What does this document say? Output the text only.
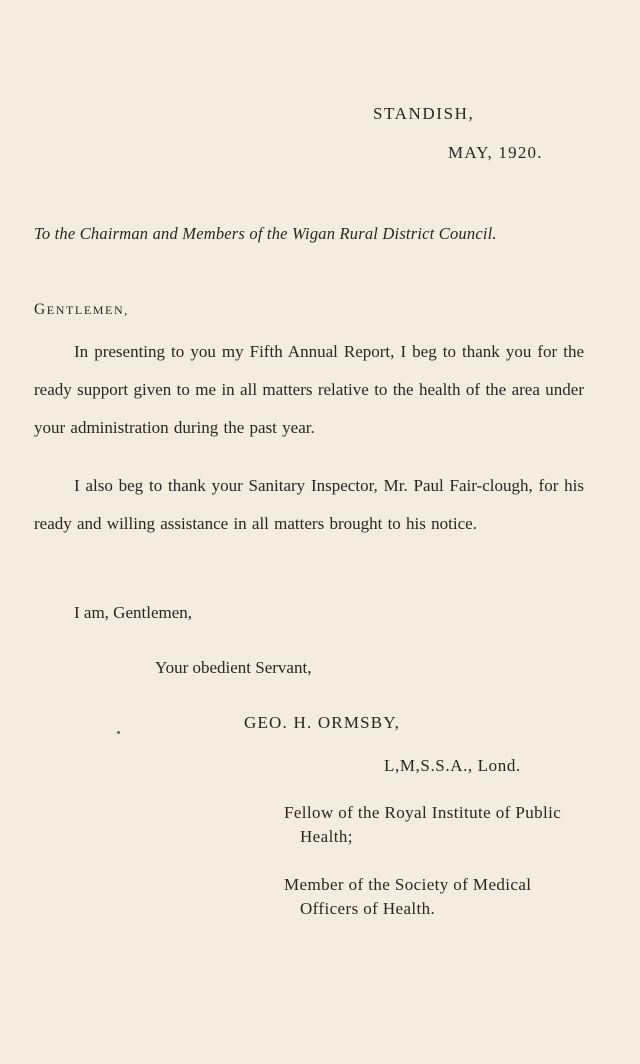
STANDISH,
MAY, 1920.
To the Chairman and Members of the Wigan Rural District Council.
GENTLEMEN,
In presenting to you my Fifth Annual Report, I beg to thank you for the ready support given to me in all matters relative to the health of the area under your administration during the past year.
I also beg to thank your Sanitary Inspector, Mr. Paul Fair-clough, for his ready and willing assistance in all matters brought to his notice.
I am, Gentlemen,
Your obedient Servant,
GEO. H. ORMSBY,
L,M,S.S.A., Lond.
Fellow of the Royal Institute of Public Health;
Member of the Society of Medical Officers of Health.
